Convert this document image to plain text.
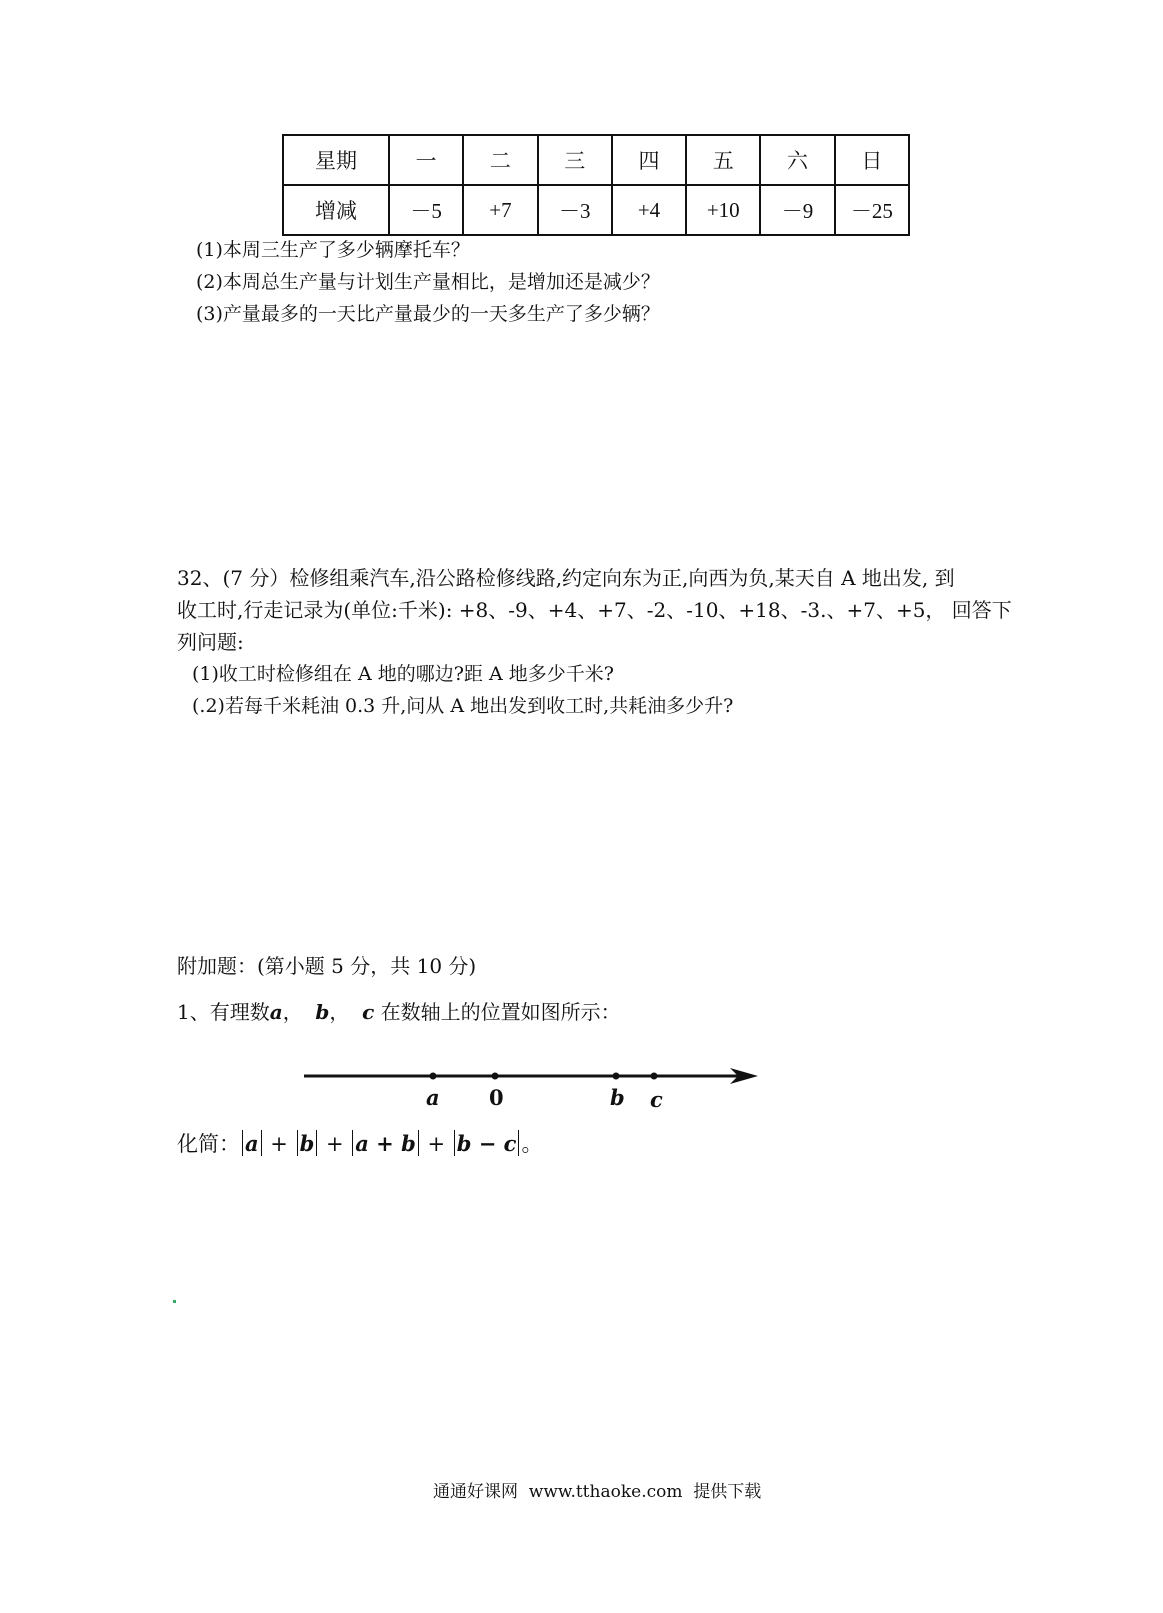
星期	一	二	三	四	五	六	日
增减	－5	+7	－3	+4	+10	－9	－25
(1)本周三生产了多少辆摩托车？
(2)本周总生产量与计划生产量相比，是增加还是减少？
(3)产量最多的一天比产量最少的一天多生产了多少辆？
32、(7 分）检修组乘汽车,沿公路检修线路,约定向东为正,向西为负,某天自 A 地出发, 到
收工时,行走记录为(单位:千米): +8、-9、+4、+7、-2、-10、+18、-3.、+7、+5， 回答下
列问题:
(1)收工时检修组在 A 地的哪边?距 A 地多少千米?
(.2)若每千米耗油 0.3 升,问从 A 地出发到收工时,共耗油多少升?
附加题：(第小题 5 分，共 10 分)
1、有理数a， b， c 在数轴上的位置如图所示：
a 0	b c
化简： a + b + a + b + b − c 。
通通好课网  www.tthaoke.com  提供下载
